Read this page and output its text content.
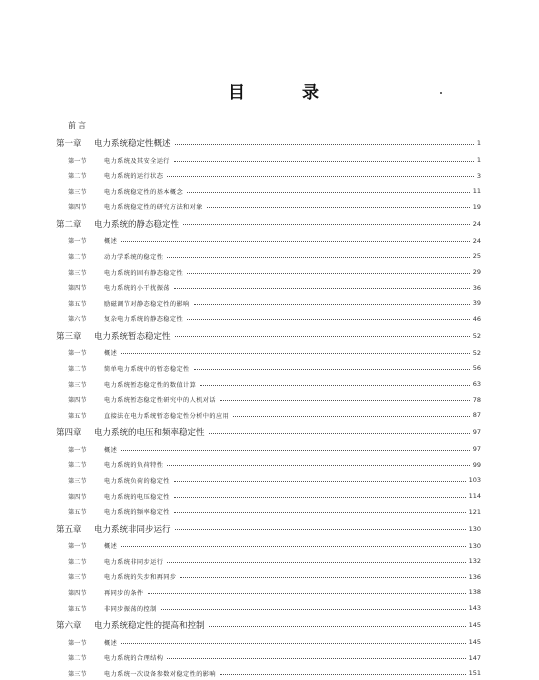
目	录
前言
第一章	电力系统稳定性概述	1
第一节	电力系统及其安全运行	1
第二节	电力系统的运行状态	3
第三节	电力系统稳定性的基本概念	11
第四节	电力系统稳定性的研究方法和对象	19
第二章	电力系统的静态稳定性	24
第一节	概述	24
第二节	动力学系统的稳定性	25
第三节	电力系统的固有静态稳定性	29
第四节	电力系统的小干扰振荡	36
第五节	励磁调节对静态稳定性的影响	39
第六节	复杂电力系统的静态稳定性	46
第三章	电力系统暂态稳定性	52
第一节	概述	52
第二节	简单电力系统中的暂态稳定性	56
第三节	电力系统暂态稳定性的数值计算	63
第四节	电力系统暂态稳定性研究中的人机对话	78
第五节	直接法在电力系统暂态稳定性分析中的应用	87
第四章	电力系统的电压和频率稳定性	97
第一节	概述	97
第二节	电力系统的负荷特性	99
第三节	电力系统负荷的稳定性	103
第四节	电力系统的电压稳定性	114
第五节	电力系统的频率稳定性	121
第五章	电力系统非同步运行	130
第一节	概述	130
第二节	电力系统非同步运行	132
第三节	电力系统的失步和再同步	136
第四节	再同步的条件	138
第五节	非同步振荡的控制	143
第六章	电力系统稳定性的提高和控制	145
第一节	概述	145
第二节	电力系统的合理结构	147
第三节	电力系统一次设备参数对稳定性的影响	151
